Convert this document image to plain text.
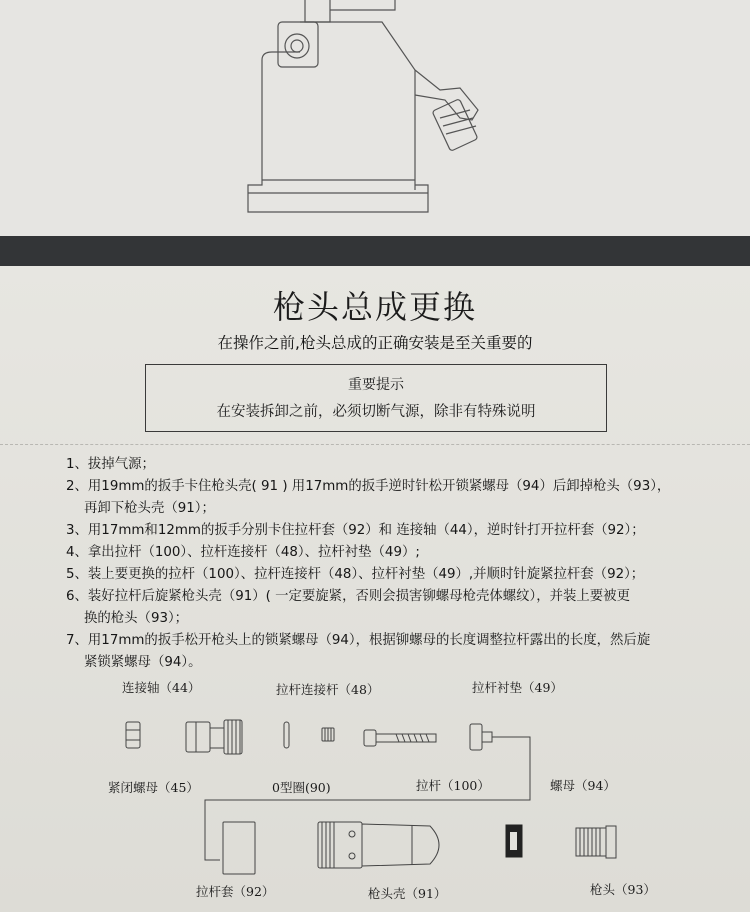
枪头总成更换
在操作之前,枪头总成的正确安装是至关重要的
重要提示
在安装拆卸之前，必须切断气源，除非有特殊说明
1、拔掉气源；
2、用19mm的扳手卡住枪头壳( 91 ) 用17mm的扳手逆时针松开锁紧螺母（94）后卸掉枪头（93），
再卸下枪头壳（91）；
3、用17mm和12mm的扳手分别卡住拉杆套（92）和 连接轴（44），逆时针打开拉杆套（92）；
4、拿出拉杆（100）、拉杆连接杆（48）、拉杆衬垫（49）;
5、装上要更换的拉杆（100）、拉杆连接杆（48）、拉杆衬垫（49）,并顺时针旋紧拉杆套（92）；
6、装好拉杆后旋紧枪头壳（91）( 一定要旋紧，否则会损害铆螺母枪壳体螺纹），并装上要被更
换的枪头（93）；
7、用17mm的扳手松开枪头上的锁紧螺母（94），根据铆螺母的长度调整拉杆露出的长度，然后旋
紧锁紧螺母（94）。
连接轴（44）
紧闭螺母（45）	0型圈(90)
拉杆连接杆（48）
拉杆（100）
拉杆衬垫（49）
螺母（94）
拉杆套（92）	枪头壳（91）	枪头（93）
